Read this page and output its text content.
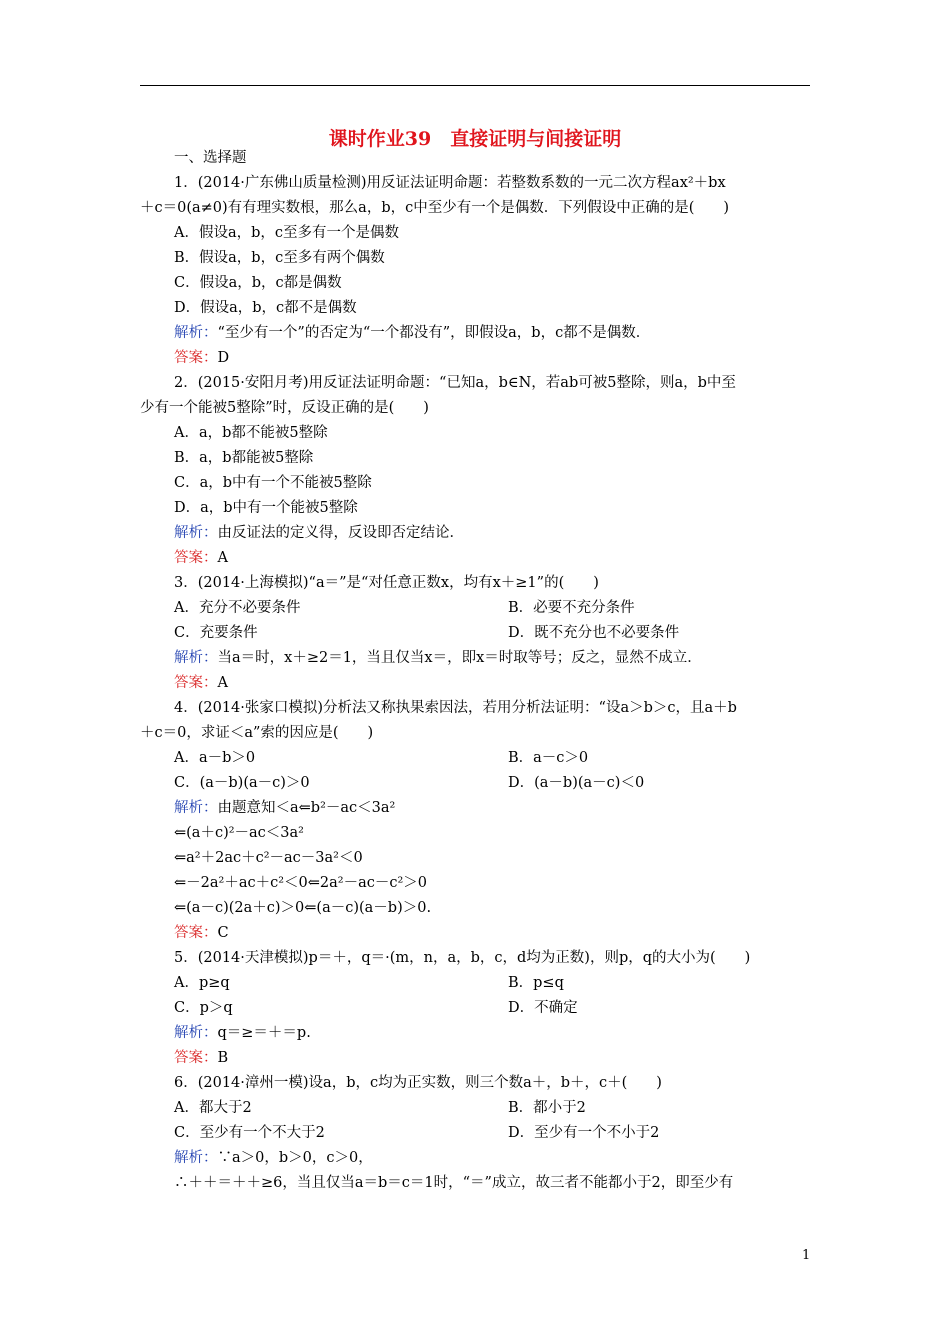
课时作业39　直接证明与间接证明
一、选择题
1．(2014·广东佛山质量检测)用反证法证明命题：若整数系数的一元二次方程ax²＋bx
＋c＝0(a≠0)有有理实数根，那么a，b，c中至少有一个是偶数．下列假设中正确的是(　　)
A．假设a，b，c至多有一个是偶数
B．假设a，b，c至多有两个偶数
C．假设a，b，c都是偶数
D．假设a，b，c都不是偶数
解析：“至少有一个”的否定为“一个都没有”，即假设a，b，c都不是偶数．
答案：D
2．(2015·安阳月考)用反证法证明命题：“已知a，b∈N，若ab可被5整除，则a，b中至
少有一个能被5整除”时，反设正确的是(　　)
A．a，b都不能被5整除
B．a，b都能被5整除
C．a，b中有一个不能被5整除
D．a，b中有一个能被5整除
解析：由反证法的定义得，反设即否定结论．
答案：A
3．(2014·上海模拟)“a＝”是“对任意正数x，均有x＋≥1”的(　　)
A．充分不必要条件	B．必要不充分条件
C．充要条件	D．既不充分也不必要条件
解析：当a＝时，x＋≥2＝1，当且仅当x＝，即x＝时取等号；反之，显然不成立．
答案：A
4．(2014·张家口模拟)分析法又称执果索因法，若用分析法证明：“设a＞b＞c，且a＋b
＋c＝0，求证＜a”索的因应是(　　)
A．a－b＞0	B．a－c＞0
C．(a－b)(a－c)＞0	D．(a－b)(a－c)＜0
解析：由题意知＜a⇐b²－ac＜3a²
⇐(a＋c)²－ac＜3a²
⇐a²＋2ac＋c²－ac－3a²＜0
⇐－2a²＋ac＋c²＜0⇐2a²－ac－c²＞0
⇐(a－c)(2a＋c)＞0⇐(a－c)(a－b)＞0.
答案：C
5．(2014·天津模拟)p＝＋，q＝·(m，n，a，b，c，d均为正数)，则p，q的大小为(　　)
A．p≥q	B．p≤q
C．p＞q	D．不确定
解析：q＝≥＝＋＝p.
答案：B
6．(2014·漳州一模)设a，b，c均为正实数，则三个数a＋，b＋，c＋(　　)
A．都大于2	B．都小于2
C．至少有一个不大于2	D．至少有一个不小于2
解析：∵a＞0，b＞0，c＞0，
∴＋＋＝＋＋≥6，当且仅当a＝b＝c＝1时，“＝”成立，故三者不能都小于2，即至少有
1
